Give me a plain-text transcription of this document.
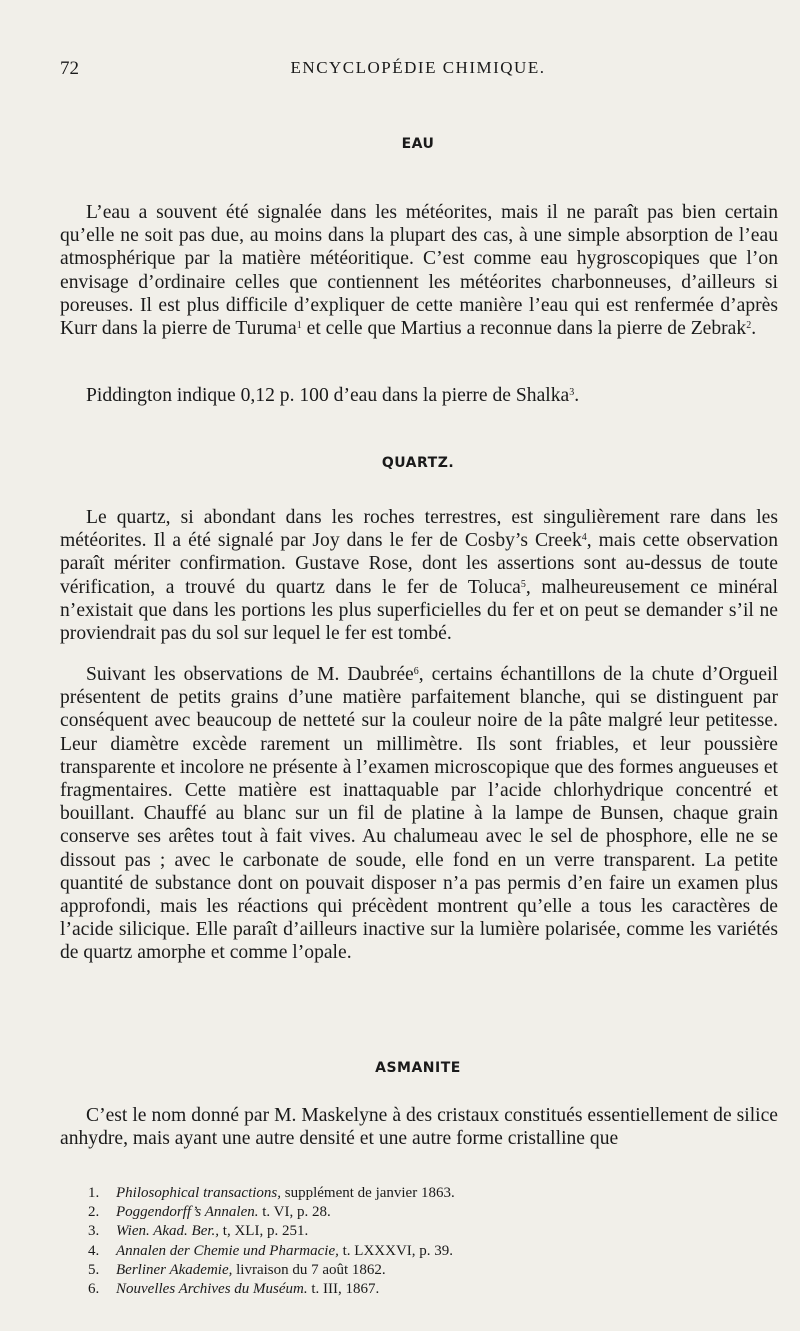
72	ENCYCLOPÉDIE CHIMIQUE.
EAU

L’eau a souvent été signalée dans les météorites, mais il ne paraît pas bien certain qu’elle ne soit pas due, au moins dans la plupart des cas, à une simple absorption de l’eau atmosphérique par la matière météoritique. C’est comme eau hygroscopiques que l’on envisage d’ordinaire celles que contiennent les météorites charbonneuses, d’ailleurs si poreuses. Il est plus difficile d’expliquer de cette manière l’eau qui est renfermée d’après Kurr dans la pierre de Turuma$^1$ et celle que Martius a reconnue dans la pierre de Zebrak$^2$.

Piddington indique 0,12 p. 100 d’eau dans la pierre de Shalka$^3$.

QUARTZ.

Le quartz, si abondant dans les roches terrestres, est singulièrement rare dans les météorites. Il a été signalé par Joy dans le fer de Cosby’s Creek$^4$, mais cette observation paraît mériter confirmation. Gustave Rose, dont les assertions sont au-dessus de toute vérification, a trouvé du quartz dans le fer de Toluca$^5$, malheureusement ce minéral n’existait que dans les portions les plus superficielles du fer et on peut se demander s’il ne proviendrait pas du sol sur lequel le fer est tombé.

Suivant les observations de M. Daubrée$^6$, certains échantillons de la chute d’Orgueil présentent de petits grains d’une matière parfaitement blanche, qui se distinguent par conséquent avec beaucoup de netteté sur la couleur noire de la pâte malgré leur petitesse. Leur diamètre excède rarement un millimètre. Ils sont friables, et leur poussière transparente et incolore ne présente à l’examen microscopique que des formes angueuses et fragmentaires. Cette matière est inattaquable par l’acide chlorhydrique concentré et bouillant. Chauffé au blanc sur un fil de platine à la lampe de Bunsen, chaque grain conserve ses arêtes tout à fait vives. Au chalumeau avec le sel de phosphore, elle ne se dissout pas ; avec le carbonate de soude, elle fond en un verre transparent. La petite quantité de substance dont on pouvait disposer n’a pas permis d’en faire un examen plus approfondi, mais les réactions qui précèdent montrent qu’elle a tous les caractères de l’acide silicique. Elle paraît d’ailleurs inactive sur la lumière polarisée, comme les variétés de quartz amorphe et comme l’opale.

ASMANITE

C’est le nom donné par M. Maskelyne à des cristaux constitués essentiellement de silice anhydre, mais ayant une autre densité et une autre forme cristalline que

1.	Philosophical transactions, supplément de janvier 1863.
2.	Poggendorff’s Annalen. t. VI, p. 28.
3.	Wien. Akad. Ber., t, XLI, p. 251.
4.	Annalen der Chemie und Pharmacie, t. LXXXVI, p. 39.
5.	Berliner Akademie, livraison du 7 août 1862.
6.	Nouvelles Archives du Muséum. t. III, 1867.
